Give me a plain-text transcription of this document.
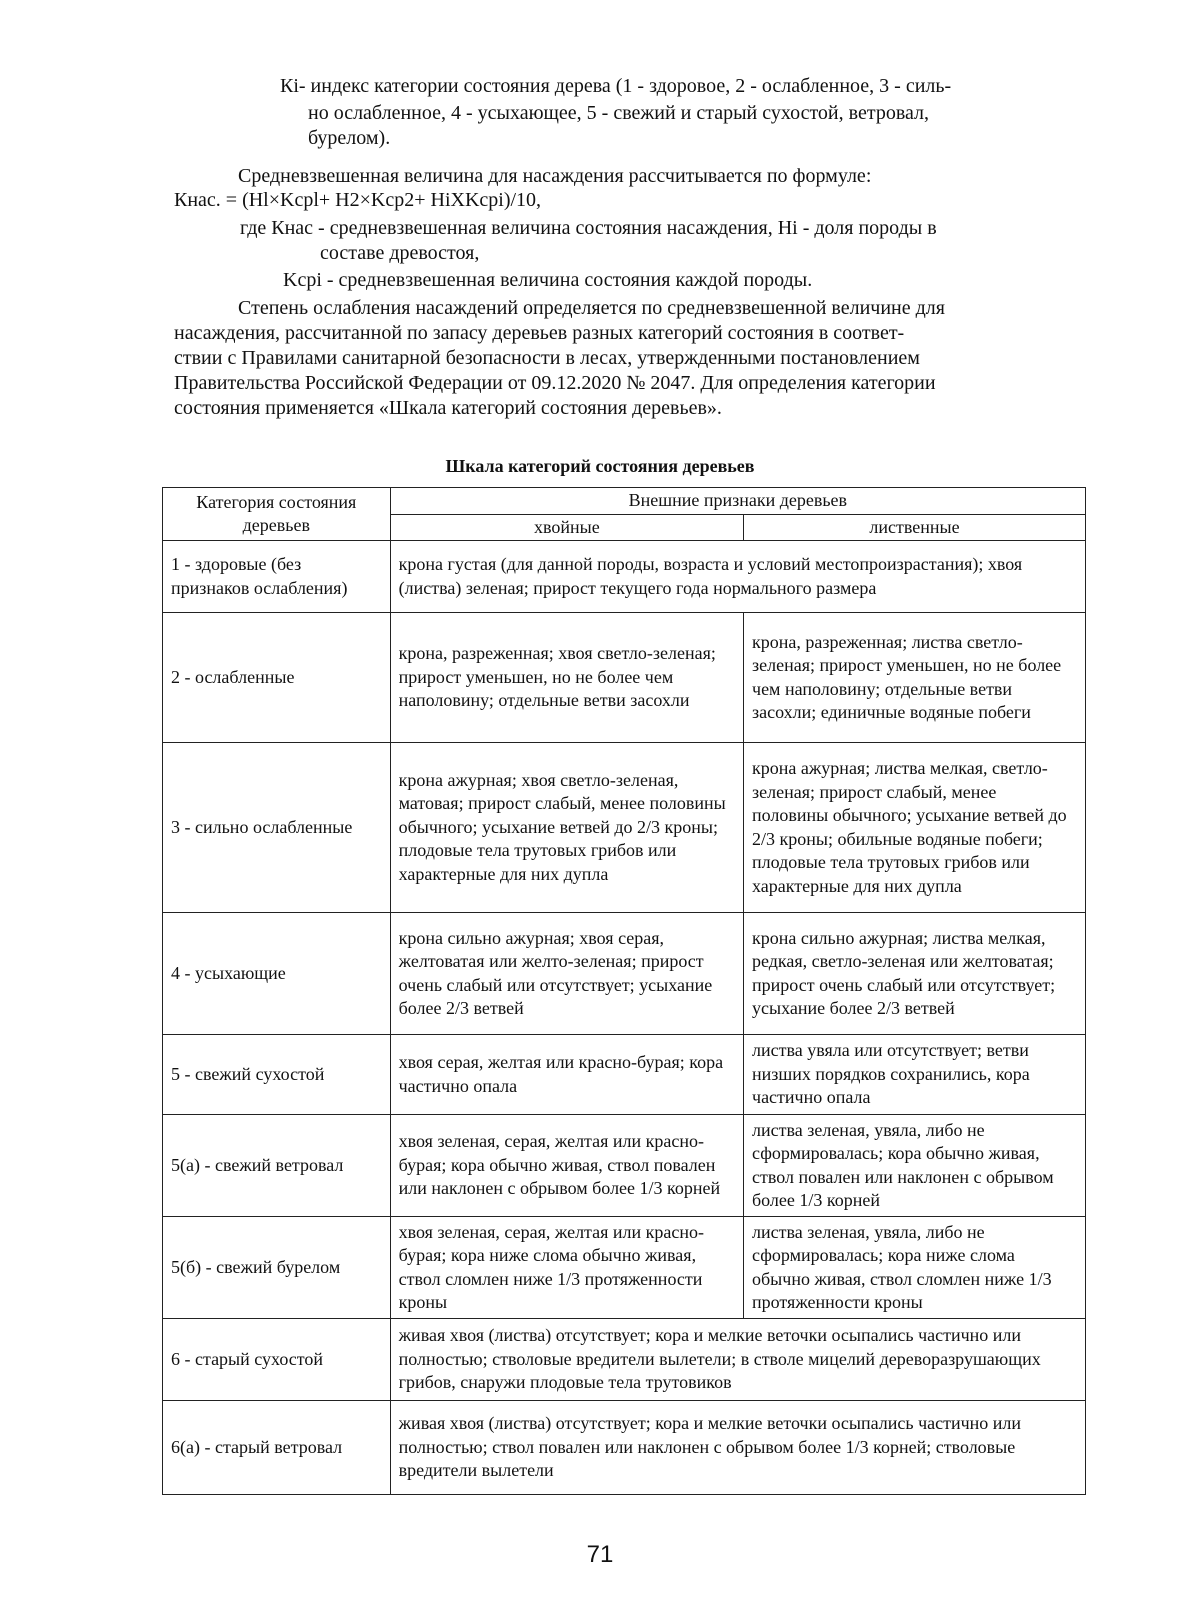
Кi- индекс категории состояния дерева (1 - здоровое, 2 - ослабленное, 3 - силь-
но ослабленное, 4 - усыхающее, 5 - свежий и старый сухостой, ветровал,
бурелом).
Средневзвешенная величина для насаждения рассчитывается по формуле:
Кнас. = (Hl×Kсрl+ H2×Kср2+ HiХKсрi)/10,
где Кнас - средневзвешенная величина состояния насаждения, Hi - доля породы в
составе древостоя,
Kсрi - средневзвешенная величина состояния каждой породы.
Степень ослабления насаждений определяется по средневзвешенной величине для
насаждения, рассчитанной по запасу деревьев разных категорий состояния в соответ-
ствии с Правилами санитарной безопасности в лесах, утвержденными постановлением
Правительства Российской Федерации от 09.12.2020 № 2047. Для определения категории
состояния применяется «Шкала категорий состояния деревьев».
Шкала категорий состояния деревьев
Категория состояния деревьев	Внешние признаки деревьев	
	хвойные	лиственные
1 - здоровые (без признаков ослабления)	крона густая (для данной породы, возраста и условий местопроизрастания); хвоя (листва) зеленая; прирост текущего года нормального размера	
2 - ослабленные	крона, разреженная; хвоя светло-зеленая; прирост уменьшен, но не более чем наполовину; отдельные ветви засохли	крона, разреженная; листва светло-зеленая; прирост уменьшен, но не более чем наполовину; отдельные ветви засохли; единичные водяные побеги
3 - сильно ослабленные	крона ажурная; хвоя светло-зеленая, матовая; прирост слабый, менее половины обычного; усыхание ветвей до 2/3 кроны; плодовые тела трутовых грибов или характерные для них дупла	крона ажурная; листва мелкая, светло-зеленая; прирост слабый, менее половины обычного; усыхание ветвей до 2/3 кроны; обильные водяные побеги; плодовые тела трутовых грибов или характерные для них дупла
4 - усыхающие	крона сильно ажурная; хвоя серая, желтоватая или желто-зеленая; прирост очень слабый или отсутствует; усыхание более 2/3 ветвей	крона сильно ажурная; листва мелкая, редкая, светло-зеленая или желтоватая; прирост очень слабый или отсутствует; усыхание более 2/3 ветвей
5 - свежий сухостой	хвоя серая, желтая или красно-бурая; кора частично опала	листва увяла или отсутствует; ветви низших порядков сохранились, кора частично опала
5(а) - свежий ветровал	хвоя зеленая, серая, желтая или красно-бурая; кора обычно живая, ствол повален или наклонен с обрывом более 1/3 корней	листва зеленая, увяла, либо не сформировалась; кора обычно живая, ствол повален или наклонен с обрывом более 1/3 корней
5(б) - свежий бурелом	хвоя зеленая, серая, желтая или красно-бурая; кора ниже слома обычно живая, ствол сломлен ниже 1/3 протяженности кроны	листва зеленая, увяла, либо не сформировалась; кора ниже слома обычно живая, ствол сломлен ниже 1/3 протяженности кроны
6 - старый сухостой	живая хвоя (листва) отсутствует; кора и мелкие веточки осыпались частично или полностью; стволовые вредители вылетели; в стволе мицелий дереворазрушающих грибов, снаружи плодовые тела трутовиков	
6(а) - старый ветровал	живая хвоя (листва) отсутствует; кора и мелкие веточки осыпались частично или полностью; ствол повален или наклонен с обрывом более 1/3 корней; стволовые вредители вылетели	
71
